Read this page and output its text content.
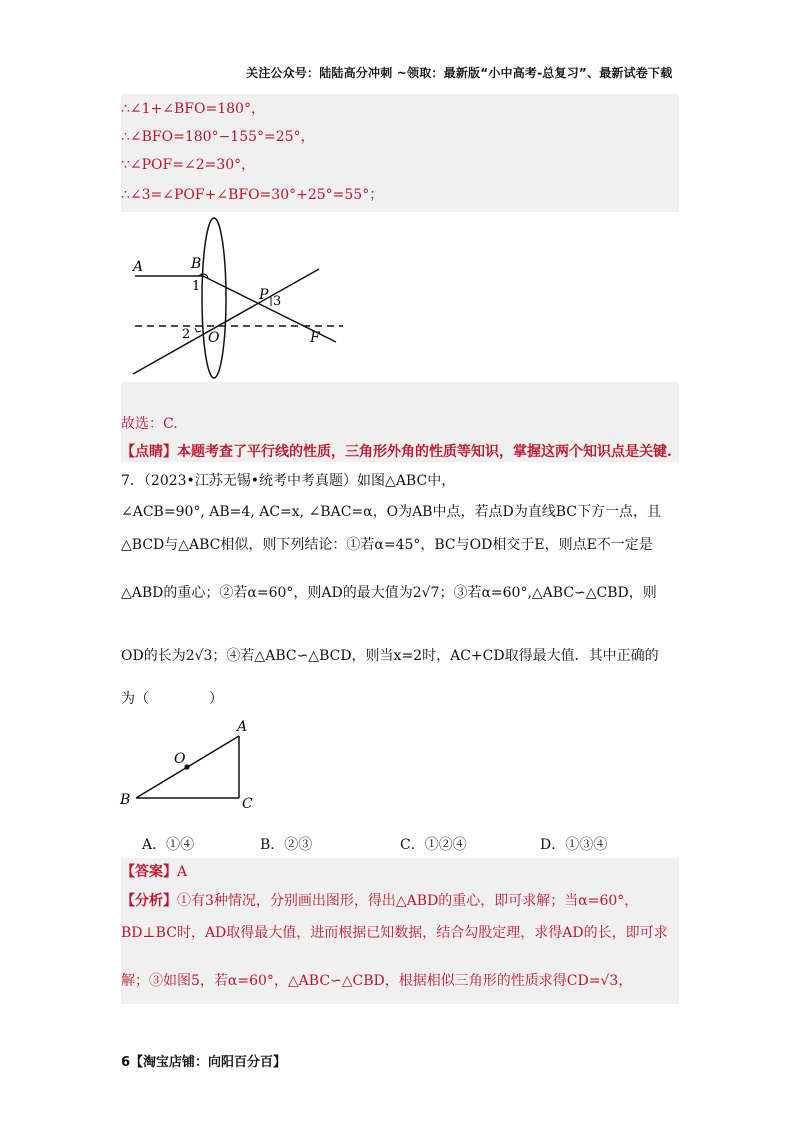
关注公众号：陆陆高分冲刺 ~领取：最新版“小中高考-总复习”、最新试卷下载
∴∠1+∠BFO=180°，
∴∠BFO=180°−155°=25°，
∵∠POF=∠2=30°，
∴∠3=∠POF+∠BFO=30°+25°=55°；
A	B
1
P 3
2 O	F
故选：C.
【点睛】本题考查了平行线的性质，三角形外角的性质等知识，掌握这两个知识点是关键.
7．（2023•江苏无锡•统考中考真题）如图△ABC中，
∠ACB=90°, AB=4, AC=x, ∠BAC=α，O为AB中点，若点D为直线BC下方一点，且
△BCD与△ABC相似，则下列结论：①若α=45°，BC与OD相交于E，则点E不一定是
△ABD的重心；②若α=60°，则AD的最大值为2√7；③若α=60°,△ABC∽△CBD，则
OD的长为2√3；④若△ABC∽△BCD，则当x=2时，AC+CD取得最大值．其中正确的
为（	）
A
O
B	C
A．①④	B．②③	C．①②④	D．①③④
【答案】A
【分析】①有3种情况，分别画出图形，得出△ABD的重心，即可求解；当α=60°，
BD⊥BC时，AD取得最大值，进而根据已知数据，结合勾股定理，求得AD的长，即可求
解；③如图5，若α=60°，△ABC∽△CBD，根据相似三角形的性质求得CD=√3，
6【淘宝店铺：向阳百分百】
